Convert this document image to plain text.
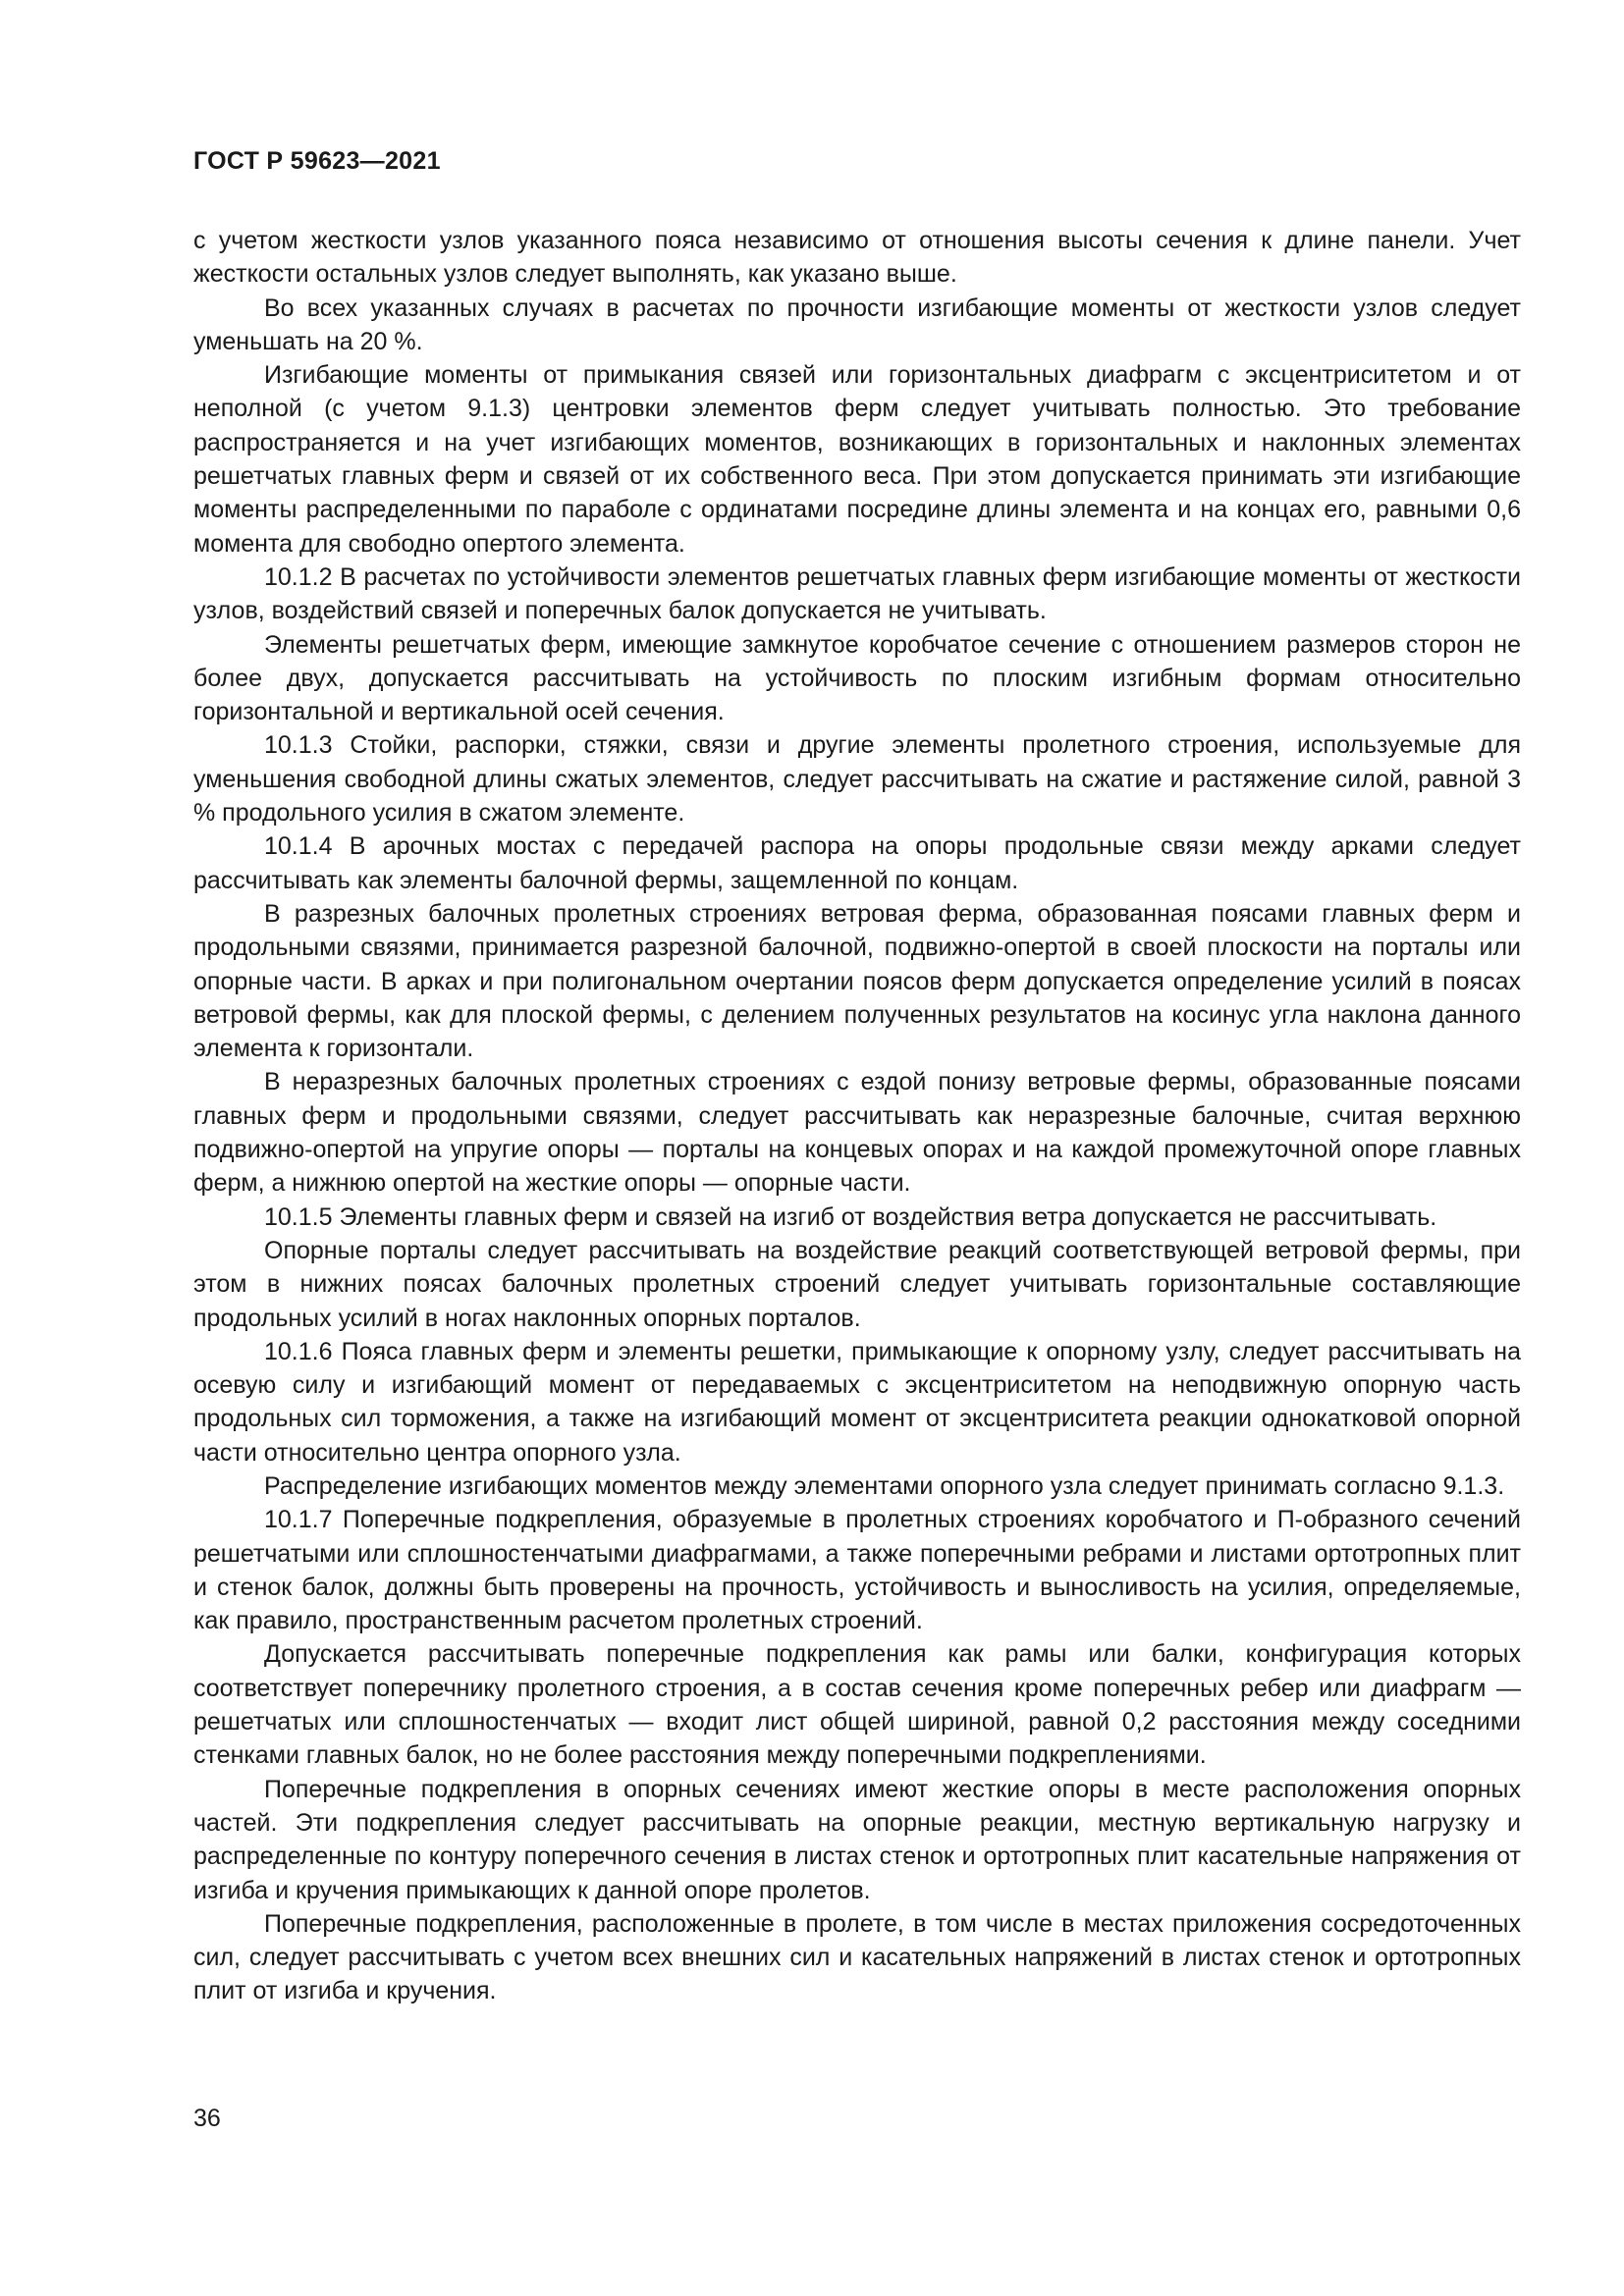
ГОСТ Р 59623—2021

с учетом жесткости узлов указанного пояса независимо от отношения высоты сечения к длине панели. Учет жесткости остальных узлов следует выполнять, как указано выше.

Во всех указанных случаях в расчетах по прочности изгибающие моменты от жесткости узлов следует уменьшать на 20 %.

Изгибающие моменты от примыкания связей или горизонтальных диафрагм с эксцентриситетом и от неполной (с учетом 9.1.3) центровки элементов ферм следует учитывать полностью. Это требование распространяется и на учет изгибающих моментов, возникающих в горизонтальных и наклонных элементах решетчатых главных ферм и связей от их собственного веса. При этом допускается принимать эти изгибающие моменты распределенными по параболе с ординатами посредине длины элемента и на концах его, равными 0,6 момента для свободно опертого элемента.

10.1.2 В расчетах по устойчивости элементов решетчатых главных ферм изгибающие моменты от жесткости узлов, воздействий связей и поперечных балок допускается не учитывать.

Элементы решетчатых ферм, имеющие замкнутое коробчатое сечение с отношением размеров сторон не более двух, допускается рассчитывать на устойчивость по плоским изгибным формам относительно горизонтальной и вертикальной осей сечения.

10.1.3 Стойки, распорки, стяжки, связи и другие элементы пролетного строения, используемые для уменьшения свободной длины сжатых элементов, следует рассчитывать на сжатие и растяжение силой, равной 3 % продольного усилия в сжатом элементе.

10.1.4 В арочных мостах с передачей распора на опоры продольные связи между арками следует рассчитывать как элементы балочной фермы, защемленной по концам.

В разрезных балочных пролетных строениях ветровая ферма, образованная поясами главных ферм и продольными связями, принимается разрезной балочной, подвижно-опертой в своей плоскости на порталы или опорные части. В арках и при полигональном очертании поясов ферм допускается определение усилий в поясах ветровой фермы, как для плоской фермы, с делением полученных результатов на косинус угла наклона данного элемента к горизонтали.

В неразрезных балочных пролетных строениях с ездой понизу ветровые фермы, образованные поясами главных ферм и продольными связями, следует рассчитывать как неразрезные балочные, считая верхнюю подвижно-опертой на упругие опоры — порталы на концевых опорах и на каждой промежуточной опоре главных ферм, а нижнюю опертой на жесткие опоры — опорные части.

10.1.5 Элементы главных ферм и связей на изгиб от воздействия ветра допускается не рассчитывать.

Опорные порталы следует рассчитывать на воздействие реакций соответствующей ветровой фермы, при этом в нижних поясах балочных пролетных строений следует учитывать горизонтальные составляющие продольных усилий в ногах наклонных опорных порталов.

10.1.6 Пояса главных ферм и элементы решетки, примыкающие к опорному узлу, следует рассчитывать на осевую силу и изгибающий момент от передаваемых с эксцентриситетом на неподвижную опорную часть продольных сил торможения, а также на изгибающий момент от эксцентриситета реакции однокатковой опорной части относительно центра опорного узла.

Распределение изгибающих моментов между элементами опорного узла следует принимать согласно 9.1.3.

10.1.7 Поперечные подкрепления, образуемые в пролетных строениях коробчатого и П-образного сечений решетчатыми или сплошностенчатыми диафрагмами, а также поперечными ребрами и листами ортотропных плит и стенок балок, должны быть проверены на прочность, устойчивость и выносливость на усилия, определяемые, как правило, пространственным расчетом пролетных строений.

Допускается рассчитывать поперечные подкрепления как рамы или балки, конфигурация которых соответствует поперечнику пролетного строения, а в состав сечения кроме поперечных ребер или диафрагм — решетчатых или сплошностенчатых — входит лист общей шириной, равной 0,2 расстояния между соседними стенками главных балок, но не более расстояния между поперечными подкреплениями.

Поперечные подкрепления в опорных сечениях имеют жесткие опоры в месте расположения опорных частей. Эти подкрепления следует рассчитывать на опорные реакции, местную вертикальную нагрузку и распределенные по контуру поперечного сечения в листах стенок и ортотропных плит касательные напряжения от изгиба и кручения примыкающих к данной опоре пролетов.

Поперечные подкрепления, расположенные в пролете, в том числе в местах приложения сосредоточенных сил, следует рассчитывать с учетом всех внешних сил и касательных напряжений в листах стенок и ортотропных плит от изгиба и кручения.

36
